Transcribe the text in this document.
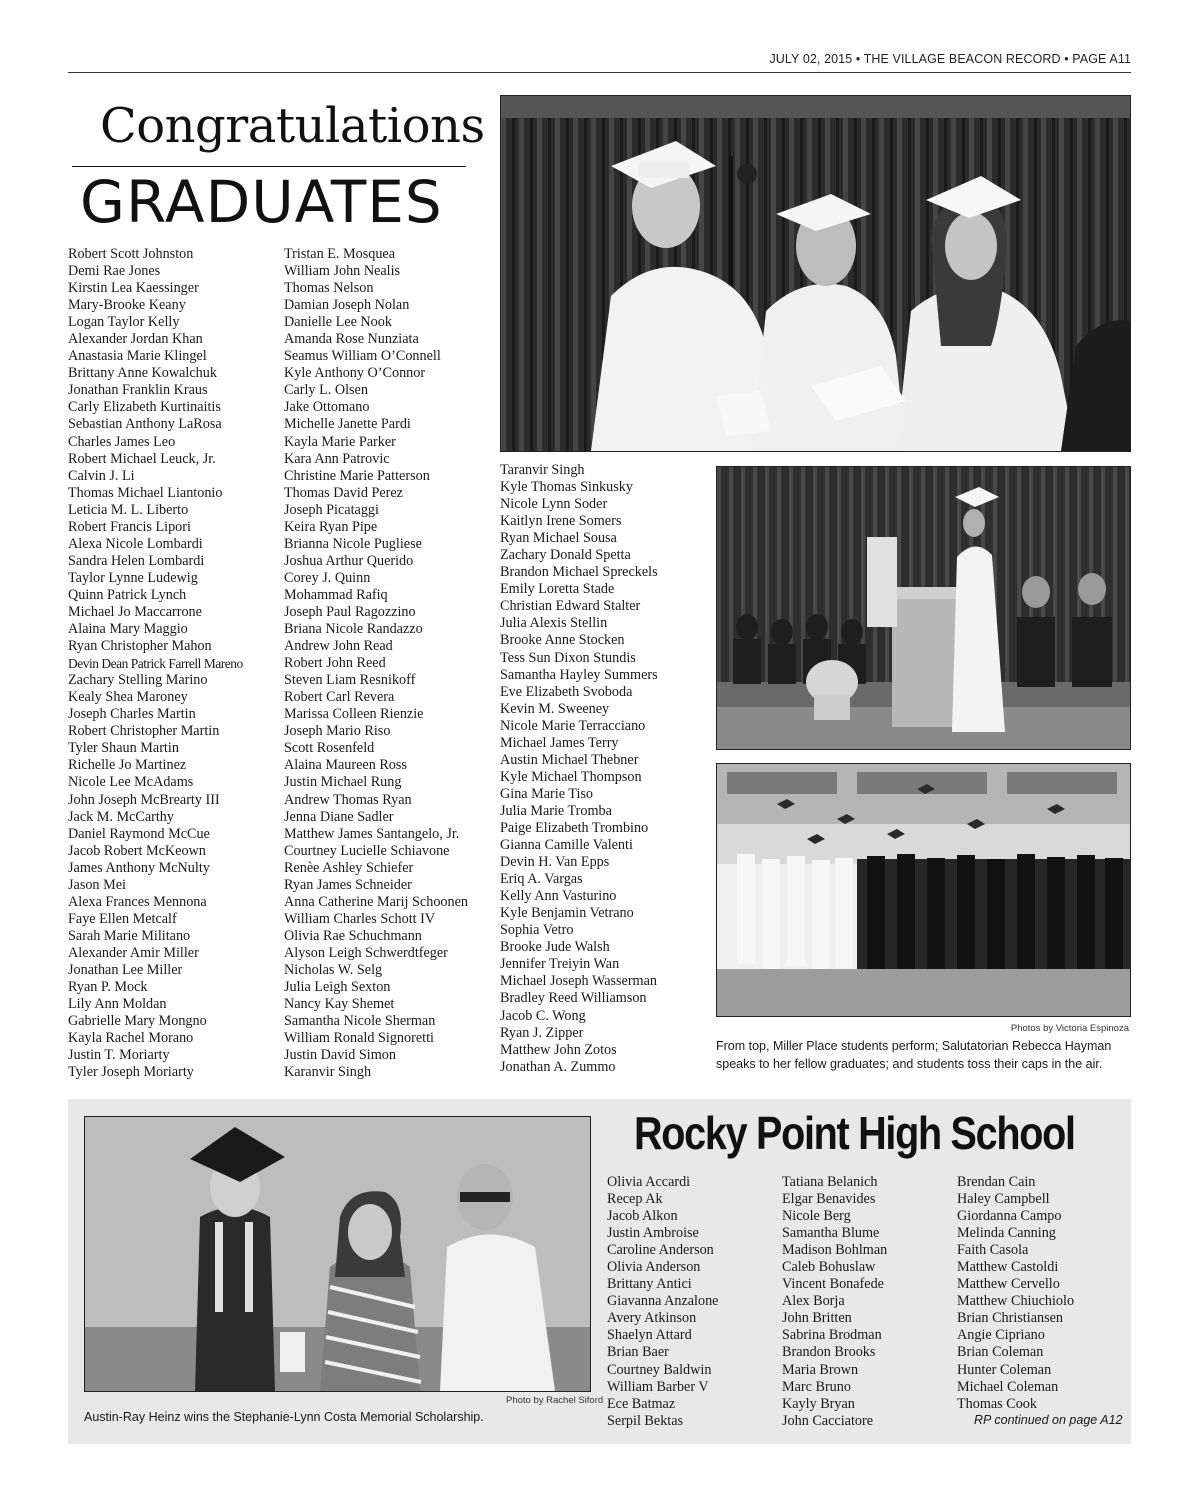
JULY 02, 2015 • THE VILLAGE BEACON RECORD • PAGE A11
Congratulations
GRADUATES
Robert Scott Johnston
Demi Rae Jones
Kirstin Lea Kaessinger
Mary-Brooke Keany
Logan Taylor Kelly
Alexander Jordan Khan
Anastasia Marie Klingel
Brittany Anne Kowalchuk
Jonathan Franklin Kraus
Carly Elizabeth Kurtinaitis
Sebastian Anthony LaRosa
Charles James Leo
Robert Michael Leuck, Jr.
Calvin J. Li
Thomas Michael Liantonio
Leticia M. L. Liberto
Robert Francis Lipori
Alexa Nicole Lombardi
Sandra Helen Lombardi
Taylor Lynne Ludewig
Quinn Patrick Lynch
Michael Jo Maccarrone
Alaina Mary Maggio
Ryan Christopher Mahon
Devin Dean Patrick Farrell Mareno
Zachary Stelling Marino
Kealy Shea Maroney
Joseph Charles Martin
Robert Christopher Martin
Tyler Shaun Martin
Richelle Jo Martinez
Nicole Lee McAdams
John Joseph McBrearty III
Jack M. McCarthy
Daniel Raymond McCue
Jacob Robert McKeown
James Anthony McNulty
Jason Mei
Alexa Frances Mennona
Faye Ellen Metcalf
Sarah Marie Militano
Alexander Amir Miller
Jonathan Lee Miller
Ryan P. Mock
Lily Ann Moldan
Gabrielle Mary Mongno
Kayla Rachel Morano
Justin T. Moriarty
Tyler Joseph Moriarty
Tristan E. Mosquea
William John Nealis
Thomas Nelson
Damian Joseph Nolan
Danielle Lee Nook
Amanda Rose Nunziata
Seamus William O’Connell
Kyle Anthony O’Connor
Carly L. Olsen
Jake Ottomano
Michelle Janette Pardi
Kayla Marie Parker
Kara Ann Patrovic
Christine Marie Patterson
Thomas David Perez
Joseph Picataggi
Keira Ryan Pipe
Brianna Nicole Pugliese
Joshua Arthur Querido
Corey J. Quinn
Mohammad Rafiq
Joseph Paul Ragozzino
Briana Nicole Randazzo
Andrew John Read
Robert John Reed
Steven Liam Resnikoff
Robert Carl Revera
Marissa Colleen Rienzie
Joseph Mario Riso
Scott Rosenfeld
Alaina Maureen Ross
Justin Michael Rung
Andrew Thomas Ryan
Jenna Diane Sadler
Matthew James Santangelo, Jr.
Courtney Lucielle Schiavone
Renèe Ashley Schiefer
Ryan James Schneider
Anna Catherine Marij Schoonen
William Charles Schott IV
Olivia Rae Schuchmann
Alyson Leigh Schwerdtfeger
Nicholas W. Selg
Julia Leigh Sexton
Nancy Kay Shemet
Samantha Nicole Sherman
William Ronald Signoretti
Justin David Simon
Karanvir Singh
Taranvir Singh
Kyle Thomas Sinkusky
Nicole Lynn Soder
Kaitlyn Irene Somers
Ryan Michael Sousa
Zachary Donald Spetta
Brandon Michael Spreckels
Emily Loretta Stade
Christian Edward Stalter
Julia Alexis Stellin
Brooke Anne Stocken
Tess Sun Dixon Stundis
Samantha Hayley Summers
Eve Elizabeth Svoboda
Kevin M. Sweeney
Nicole Marie Terracciano
Michael James Terry
Austin Michael Thebner
Kyle Michael Thompson
Gina Marie Tiso
Julia Marie Tromba
Paige Elizabeth Trombino
Gianna Camille Valenti
Devin H. Van Epps
Eriq A. Vargas
Kelly Ann Vasturino
Kyle Benjamin Vetrano
Sophia Vetro
Brooke Jude Walsh
Jennifer Treiyin Wan
Michael Joseph Wasserman
Bradley Reed Williamson
Jacob C. Wong
Ryan J. Zipper
Matthew John Zotos
Jonathan A. Zummo
Photos by Victoria Espinoza
From top, Miller Place students perform; Salutatorian Rebecca Hayman speaks to her fellow graduates; and students toss their caps in the air.
Photo by Rachel Siford
Austin-Ray Heinz wins the Stephanie-Lynn Costa Memorial Scholarship.
Rocky Point High School
Olivia Accardi
Recep Ak
Jacob Alkon
Justin Ambroise
Caroline Anderson
Olivia Anderson
Brittany Antici
Giavanna Anzalone
Avery Atkinson
Shaelyn Attard
Brian Baer
Courtney Baldwin
William Barber V
Ece Batmaz
Serpil Bektas
Tatiana Belanich
Elgar Benavides
Nicole Berg
Samantha Blume
Madison Bohlman
Caleb Bohuslaw
Vincent Bonafede
Alex Borja
John Britten
Sabrina Brodman
Brandon Brooks
Maria Brown
Marc Bruno
Kayly Bryan
John Cacciatore
Brendan Cain
Haley Campbell
Giordanna Campo
Melinda Canning
Faith Casola
Matthew Castoldi
Matthew Cervello
Matthew Chiuchiolo
Brian Christiansen
Angie Cipriano
Brian Coleman
Hunter Coleman
Michael Coleman
Thomas Cook
RP continued on page A12
